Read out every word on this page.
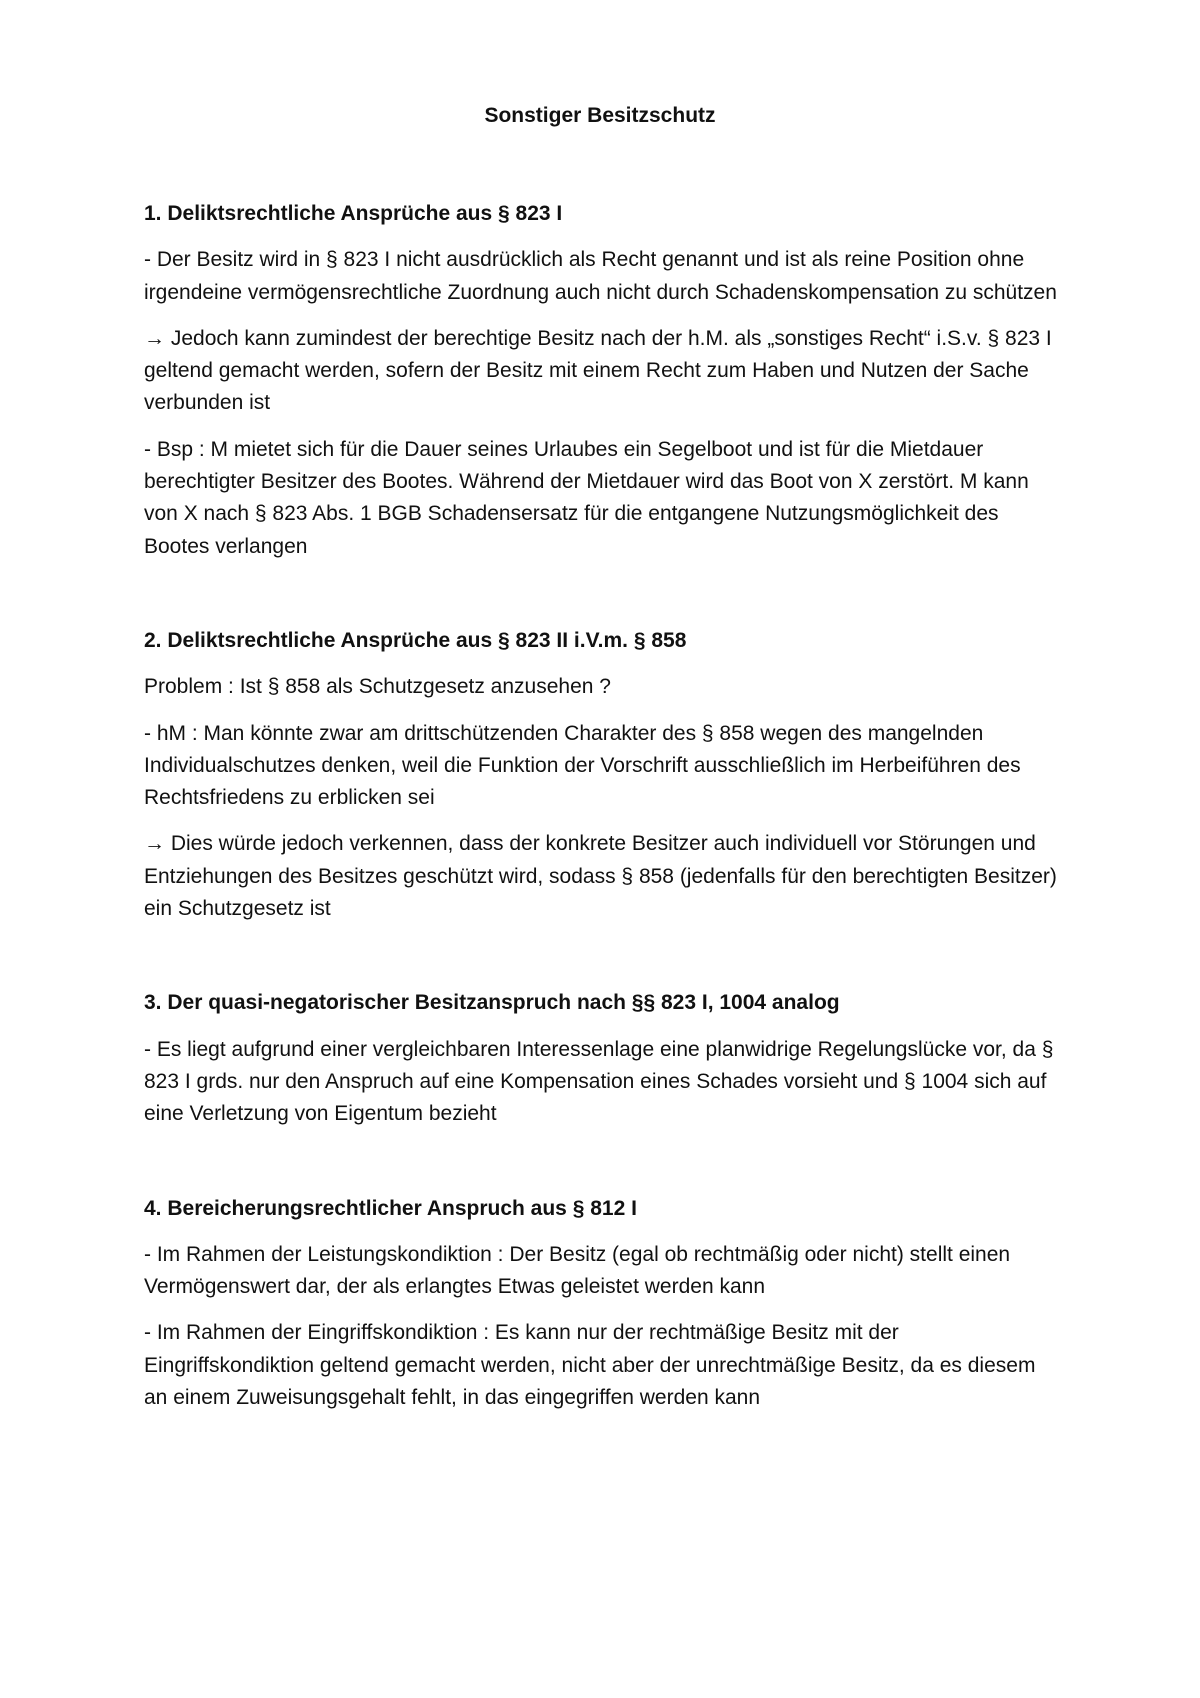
Sonstiger Besitzschutz
1. Deliktsrechtliche Ansprüche aus § 823 I
- Der Besitz wird in § 823 I nicht ausdrücklich als Recht genannt und ist als reine Position ohne irgendeine vermögensrechtliche Zuordnung auch nicht durch Schadenskompensation zu schützen
→ Jedoch kann zumindest der berechtige Besitz nach der h.M. als „sonstiges Recht“ i.S.v. § 823 I geltend gemacht werden, sofern der Besitz mit einem Recht zum Haben und Nutzen der Sache verbunden ist
- Bsp : M mietet sich für die Dauer seines Urlaubes ein Segelboot und ist für die Mietdauer berechtigter Besitzer des Bootes. Während der Mietdauer wird das Boot von X zerstört. M kann von X nach § 823 Abs. 1 BGB Schadensersatz für die entgangene Nutzungsmöglichkeit des Bootes verlangen
2. Deliktsrechtliche Ansprüche aus § 823 II i.V.m. § 858
Problem : Ist § 858 als Schutzgesetz anzusehen ?
- hM : Man könnte zwar am drittschützenden Charakter des § 858 wegen des mangelnden Individualschutzes denken, weil die Funktion der Vorschrift ausschließlich im Herbeiführen des Rechtsfriedens zu erblicken sei
→ Dies würde jedoch verkennen, dass der konkrete Besitzer auch individuell vor Störungen und Entziehungen des Besitzes geschützt wird, sodass § 858 (jedenfalls für den berechtigten Besitzer) ein Schutzgesetz ist
3. Der quasi-negatorischer Besitzanspruch nach §§ 823 I, 1004 analog
- Es liegt aufgrund einer vergleichbaren Interessenlage eine planwidrige Regelungslücke vor, da § 823 I grds. nur den Anspruch auf eine Kompensation eines Schades vorsieht und § 1004 sich auf eine Verletzung von Eigentum bezieht
4. Bereicherungsrechtlicher Anspruch aus § 812 I
- Im Rahmen der Leistungskondiktion : Der Besitz (egal ob rechtmäßig oder nicht) stellt einen Vermögenswert dar, der als erlangtes Etwas geleistet werden kann
- Im Rahmen der Eingriffskondiktion : Es kann nur der rechtmäßige Besitz mit der Eingriffskondiktion geltend gemacht werden, nicht aber der unrechtmäßige Besitz, da es diesem an einem Zuweisungsgehalt fehlt, in das eingegriffen werden kann
